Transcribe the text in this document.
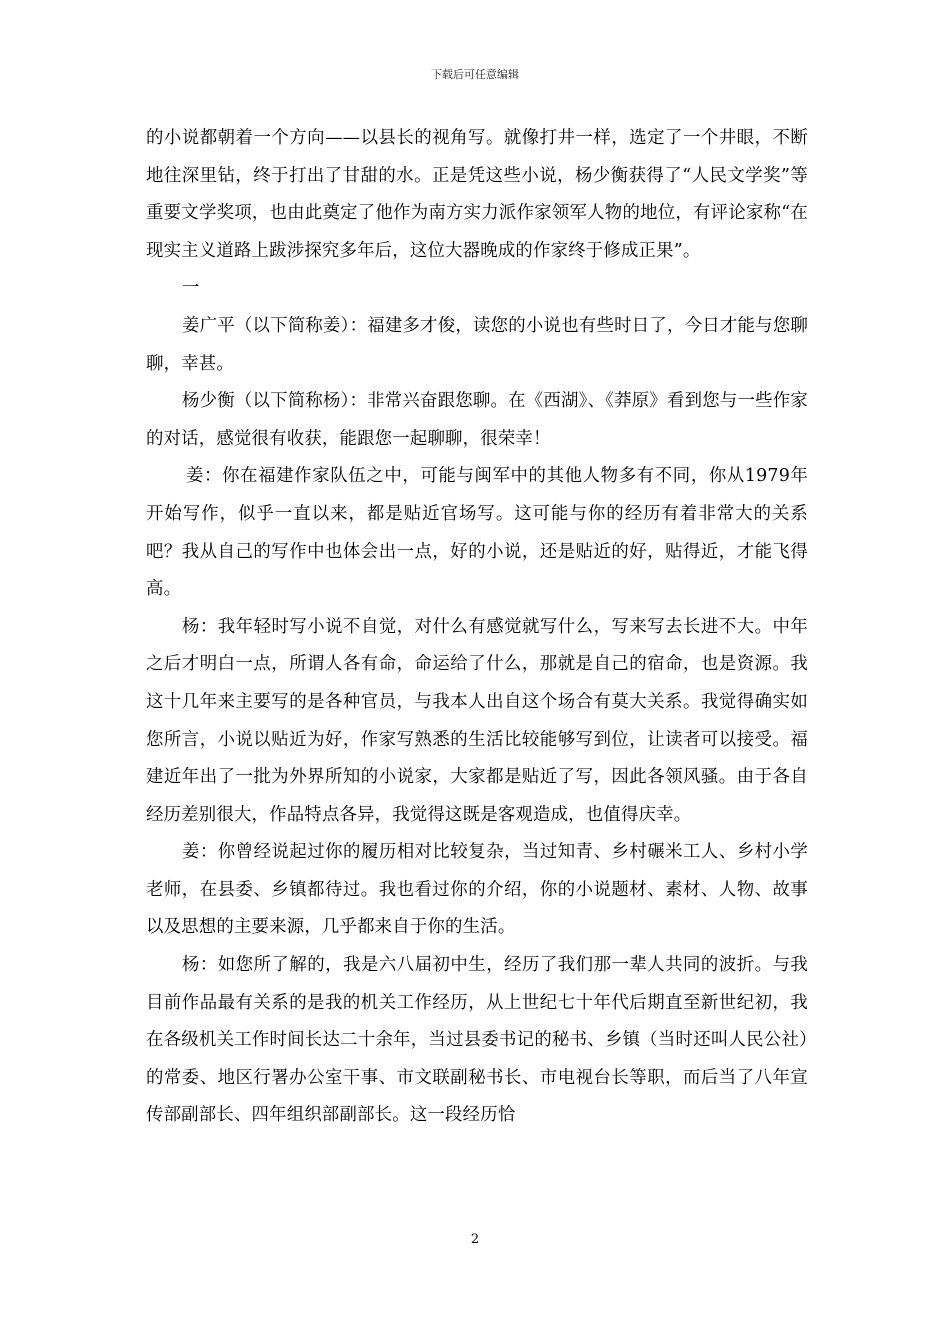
下载后可任意编辑

的小说都朝着一个方向——以县长的视角写。就像打井一样，选定了一个井眼，不断地往深里钻，终于打出了甘甜的水。正是凭这些小说，杨少衡获得了“人民文学奖”等重要文学奖项，也由此奠定了他作为南方实力派作家领军人物的地位，有评论家称“在现实主义道路上跋涉探究多年后，这位大器晚成的作家终于修成正果”。

一

姜广平（以下简称姜）：福建多才俊，读您的小说也有些时日了，今日才能与您聊聊，幸甚。

杨少衡（以下简称杨）：非常兴奋跟您聊。在《西湖》、《莽原》看到您与一些作家的对话，感觉很有收获，能跟您一起聊聊，很荣幸！

姜：你在福建作家队伍之中，可能与闽军中的其他人物多有不同，你从1979年开始写作，似乎一直以来，都是贴近官场写。这可能与你的经历有着非常大的关系吧？我从自己的写作中也体会出一点，好的小说，还是贴近的好，贴得近，才能飞得高。

杨：我年轻时写小说不自觉，对什么有感觉就写什么，写来写去长进不大。中年之后才明白一点，所谓人各有命，命运给了什么，那就是自己的宿命，也是资源。我这十几年来主要写的是各种官员，与我本人出自这个场合有莫大关系。我觉得确实如您所言，小说以贴近为好，作家写熟悉的生活比较能够写到位，让读者可以接受。福建近年出了一批为外界所知的小说家，大家都是贴近了写，因此各领风骚。由于各自经历差别很大，作品特点各异，我觉得这既是客观造成，也值得庆幸。

姜：你曾经说起过你的履历相对比较复杂，当过知青、乡村碾米工人、乡村小学老师，在县委、乡镇都待过。我也看过你的介绍，你的小说题材、素材、人物、故事以及思想的主要来源，几乎都来自于你的生活。

杨：如您所了解的，我是六八届初中生，经历了我们那一辈人共同的波折。与我目前作品最有关系的是我的机关工作经历，从上世纪七十年代后期直至新世纪初，我在各级机关工作时间长达二十余年，当过县委书记的秘书、乡镇（当时还叫人民公社）的常委、地区行署办公室干事、市文联副秘书长、市电视台长等职，而后当了八年宣传部副部长、四年组织部副部长。这一段经历恰

2
